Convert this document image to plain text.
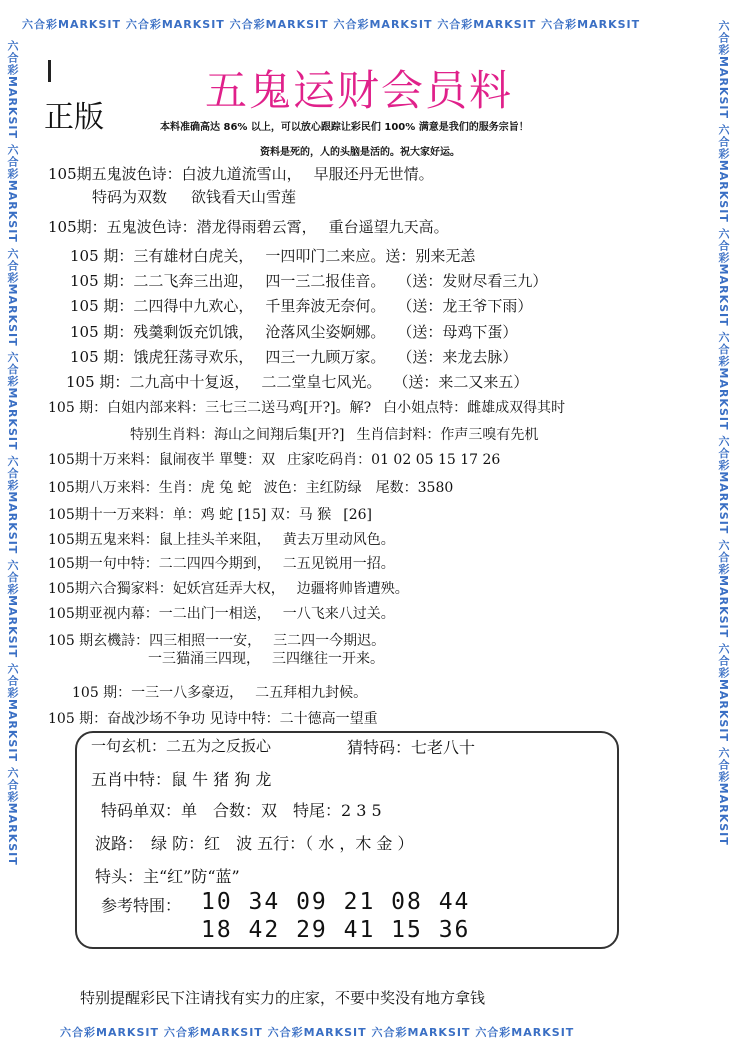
六合彩MARKSIT 六合彩MARKSIT 六合彩MARKSIT 六合彩MARKSIT 六合彩MARKSIT 六合彩MARKSIT
六合彩MARKSIT 六合彩MARKSIT 六合彩MARKSIT 六合彩MARKSIT 六合彩MARKSIT
六合彩MARKSIT 六合彩MARKSIT 六合彩MARKSIT 六合彩MARKSIT 六合彩MARKSIT 六合彩MARKSIT 六合彩MARKSIT 六合彩MARKSIT
六合彩MARKSIT 六合彩MARKSIT 六合彩MARKSIT 六合彩MARKSIT 六合彩MARKSIT 六合彩MARKSIT 六合彩MARKSIT 六合彩MARKSIT
五鬼运财会员料
正版	本料准确高达 86% 以上，可以放心跟踪让彩民们 100% 满意是我们的服务宗旨！
资料是死的，人的头脑是活的。祝大家好运。
105期五鬼波色诗：白波九道流雪山， 早服还丹无世情。
特码为双数 欲钱看天山雪莲
105期：五鬼波色诗：潜龙得雨碧云霄， 重台遥望九天高。
105 期：三有雄材白虎关， 一四叩门二来应。送：别来无恙
105 期：二二飞奔三出迎， 四一三二报佳音。 （送：发财尽看三九）
105 期：二四得中九欢心， 千里奔波无奈何。 （送：龙王爷下雨）
105 期：残羹剩饭充饥饿， 沧落风尘姿婀娜。 （送：母鸡下蛋）
105 期：饿虎狂荡寻欢乐， 四三一九顾万家。 （送：来龙去脉）
105 期：二九高中十复返， 二二堂皇七风光。 （送：来二又来五）
105 期：白姐内部来料：三七三二送马鸡[开?]。解? 白小姐点特：雌雄成双得其时
特别生肖料：海山之间翔后集[开?] 生肖信封料：作声三嗅有先机
105期十万来料：鼠闹夜半 單雙：双 庄家吃码肖：01 02 05 15 17 26
105期八万来料：生肖：虎 兔 蛇 波色：主红防绿　尾数：3580
105期十一万来料：单：鸡 蛇 [15] 双：马 猴 [26]
105期五鬼来料：鼠上挂头羊来阻， 黄去万里动风色。
105期一句中特：二二四四今期到， 二五见锐用一招。
105期六合獨家料：妃妖宫廷弄大权， 边疆将帅皆遭殃。
105期亚视内幕：一二出门一相送， 一八飞来八过关。
105 期玄機詩：四三相照一一安， 三二四一今期迟。
一三猫涌三四现， 三四继往一开来。
105 期：一三一八多豪迈， 二五拜相九封候。
105 期：奋战沙场不争功 见诗中特：二十德高一望重
一句玄机：二五为之反扳心	猜特码：七老八十
五肖中特：鼠 牛 猪 狗 龙
特码单双：单　合数：双　特尾：2 3 5
波路：　绿 防：红　波 五行：（ 水 ，木 金 ）
特头：主“红”防“蓝”
参考特围： 10 34 09 21 08 44
18 42 29 41 15 36
特别提醒彩民下注请找有实力的庄家，不要中奖没有地方拿钱
